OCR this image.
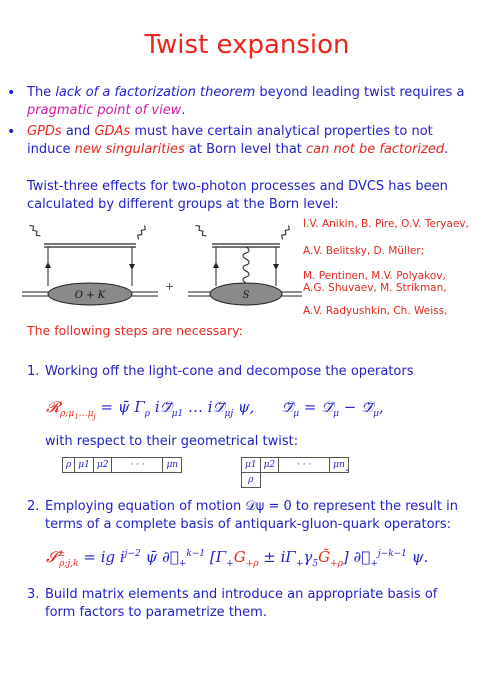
Twist expansion
• The lack of a factorization theorem beyond leading twist requires a pragmatic point of view.
• GPDs and GDAs must have certain analytical properties to not induce new singularities at Born level that can not be factorized.
Twist-three effects for two-photon processes and DVCS has been calculated by different groups at the Born level:
I.V. Anikin, B. Pire, O.V. Teryaev,
A.V. Belitsky, D. Müller;
M. Pentinen, M.V. Polyakov,
A.G. Shuvaev, M. Strikman,
A.V. Radyushkin, Ch. Weiss,
O + K
+
S
The following steps are necessary:
1. Working off the light-cone and decompose the operators
𝓡$_{\rho;\mu_1\dots\mu_j}$ = ψ̄ $\Gamma_\rho$ $i𝒟⃡_{\mu 1}$ … $i𝒟⃡_{\mu j}$ ψ, $𝒟⃡_\mu$ = $𝒟⃗_\mu$ − $𝒟⃖_\mu$,
with respect to their geometrical twist:
ρ	μ1	μ2	· · ·	μn	μ1	μ2	· · ·	μn
ρ			
.
2. Employing equation of motion 𝒟ψ = 0 to represent the result in terms of a complete basis of antiquark-gluon-quark operators:
𝓢±$_{\rho;j,k}$ = ig $i^{j-2}$ ψ̄ $\partial⃡_+^{k-1}$ [$\Gamma_+G_{+\rho}$ ± $i\Gamma_+\gamma_5G̃_{+\rho}$] $\partial⃡_+^{j-k-1}$ ψ.
3. Build matrix elements and introduce an appropriate basis of form factors to parametrize them.
